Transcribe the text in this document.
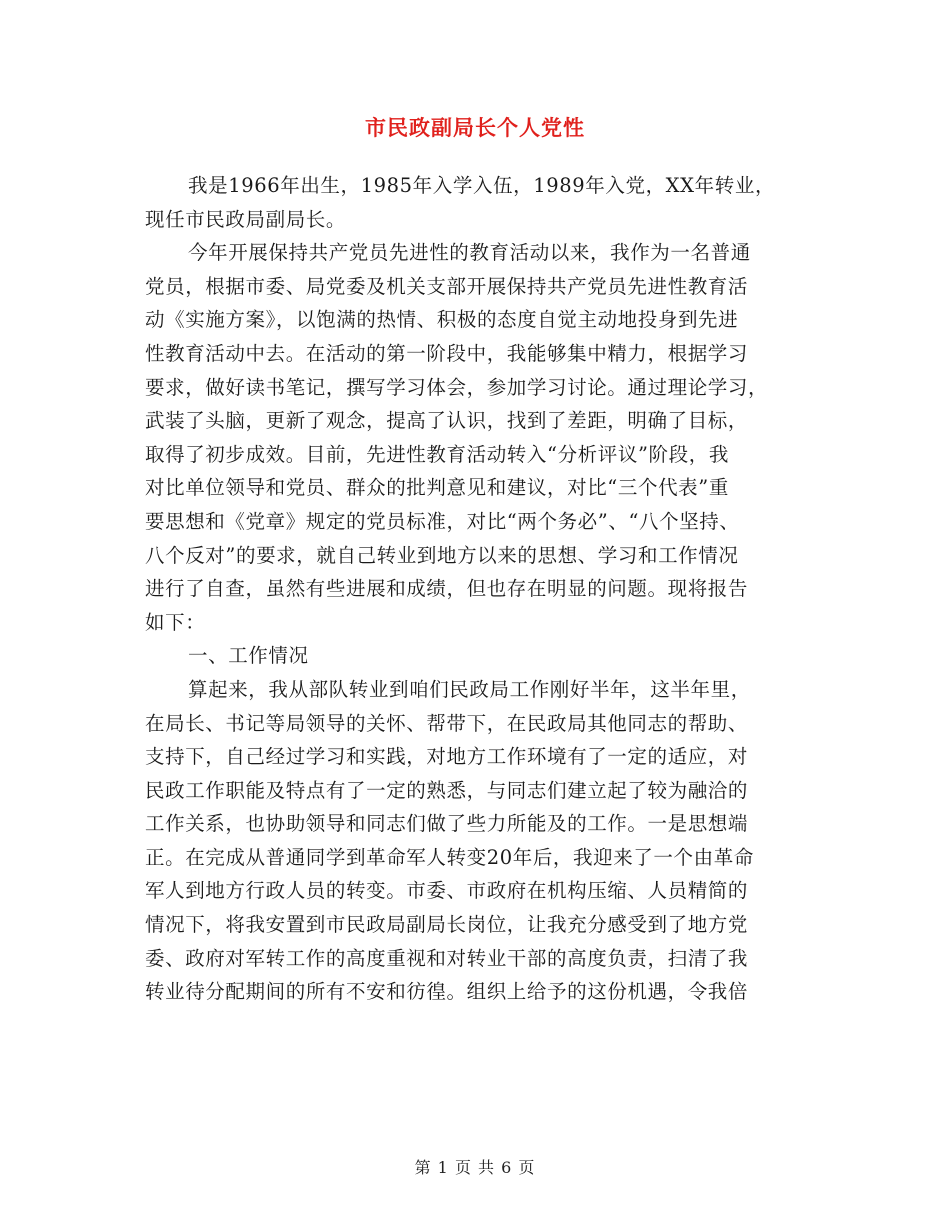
市民政副局长个人党性
我是1966年出生，1985年入学入伍，1989年入党，XX年转业，
现任市民政局副局长。
今年开展保持共产党员先进性的教育活动以来，我作为一名普通
党员，根据市委、局党委及机关支部开展保持共产党员先进性教育活
动《实施方案》，以饱满的热情、积极的态度自觉主动地投身到先进
性教育活动中去。在活动的第一阶段中，我能够集中精力，根据学习
要求，做好读书笔记，撰写学习体会，参加学习讨论。通过理论学习，
武装了头脑，更新了观念，提高了认识，找到了差距，明确了目标，
取得了初步成效。目前，先进性教育活动转入“分析评议”阶段，我
对比单位领导和党员、群众的批判意见和建议，对比“三个代表”重
要思想和《党章》规定的党员标准，对比“两个务必”、“八个坚持、
八个反对”的要求，就自己转业到地方以来的思想、学习和工作情况
进行了自查，虽然有些进展和成绩，但也存在明显的问题。现将报告
如下：
一、工作情况
算起来，我从部队转业到咱们民政局工作刚好半年，这半年里，
在局长、书记等局领导的关怀、帮带下，在民政局其他同志的帮助、
支持下，自己经过学习和实践，对地方工作环境有了一定的适应，对
民政工作职能及特点有了一定的熟悉，与同志们建立起了较为融洽的
工作关系，也协助领导和同志们做了些力所能及的工作。一是思想端
正。在完成从普通同学到革命军人转变20年后，我迎来了一个由革命
军人到地方行政人员的转变。市委、市政府在机构压缩、人员精简的
情况下，将我安置到市民政局副局长岗位，让我充分感受到了地方党
委、政府对军转工作的高度重视和对转业干部的高度负责，扫清了我
转业待分配期间的所有不安和彷徨。组织上给予的这份机遇，令我倍
第 1 页 共 6 页
